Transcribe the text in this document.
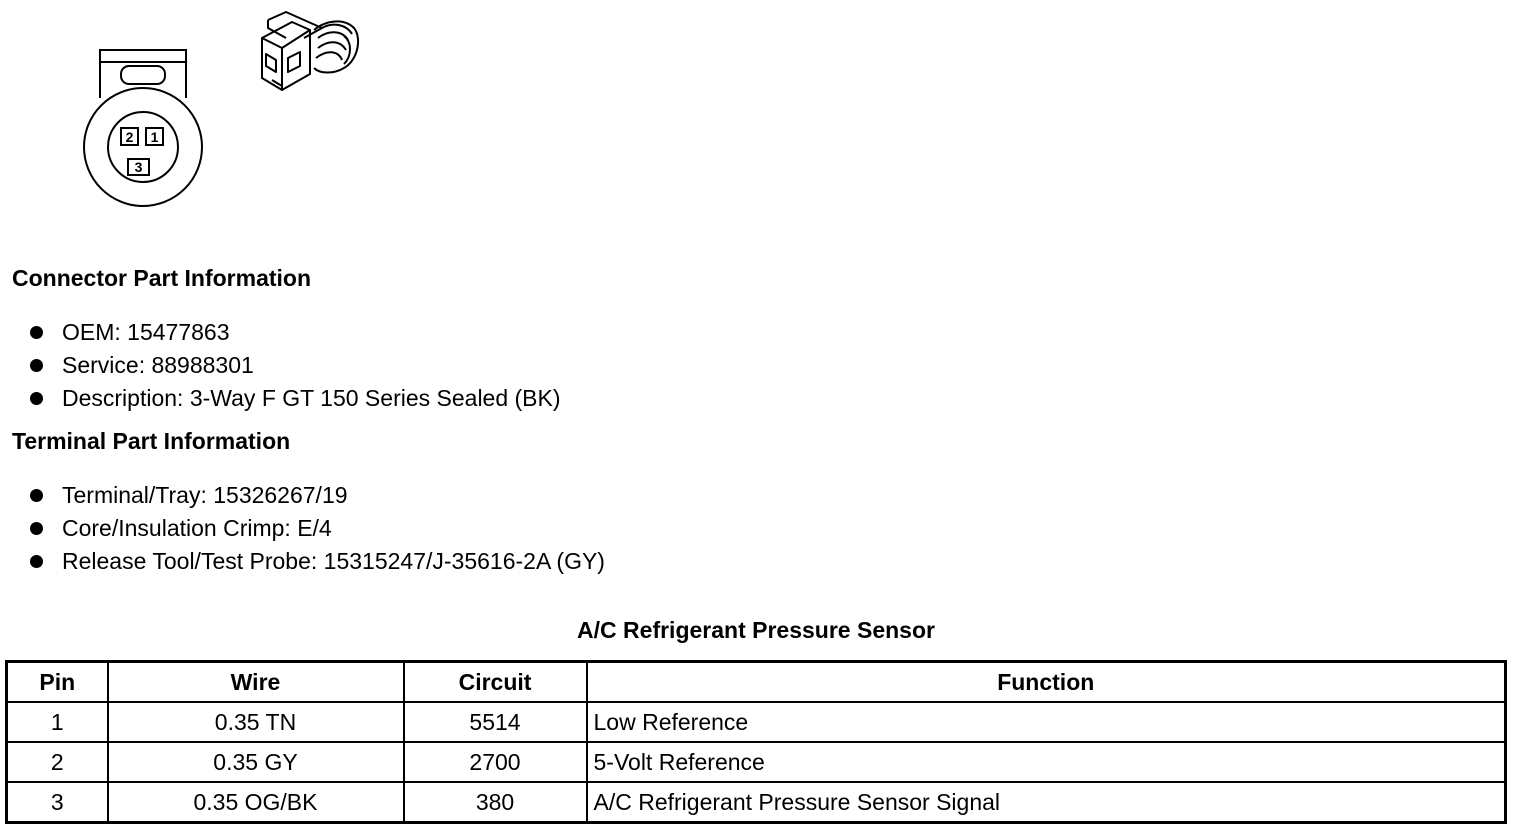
2 1
3
Connector Part Information
OEM: 15477863
Service: 88988301
Description: 3-Way F GT 150 Series Sealed (BK)
Terminal Part Information
Terminal/Tray: 15326267/19
Core/Insulation Crimp: E/4
Release Tool/Test Probe: 15315247/J-35616-2A (GY)
A/C Refrigerant Pressure Sensor
Pin	Wire	Circuit	Function
1	0.35 TN	5514	Low Reference
2	0.35 GY	2700	5-Volt Reference
3	0.35 OG/BK	380	A/C Refrigerant Pressure Sensor Signal
